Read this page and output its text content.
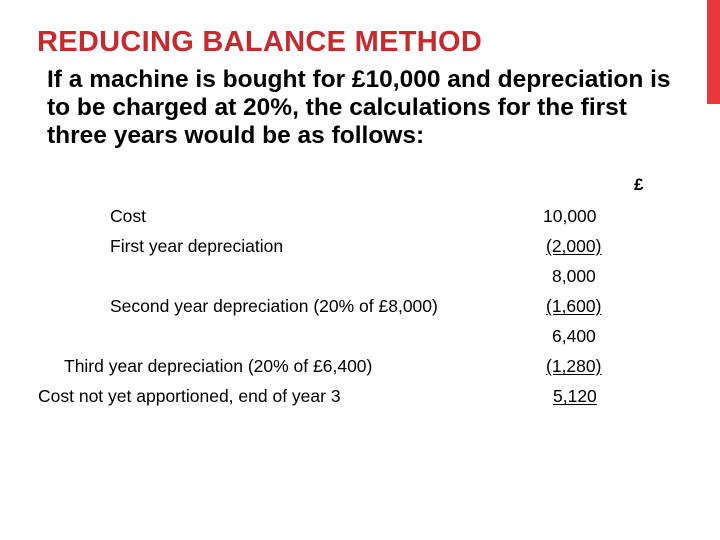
REDUCING BALANCE METHOD

If a machine is bought for £10,000 and depreciation is to be charged at 20%, the calculations for the first three years would be as follows:

£
Cost	10,000
First year depreciation	(2,000)
8,000
Second year depreciation (20% of £8,000)	(1,600)
6,400
Third year depreciation (20% of £6,400)	(1,280)
Cost not yet apportioned, end of year 3	5,120
